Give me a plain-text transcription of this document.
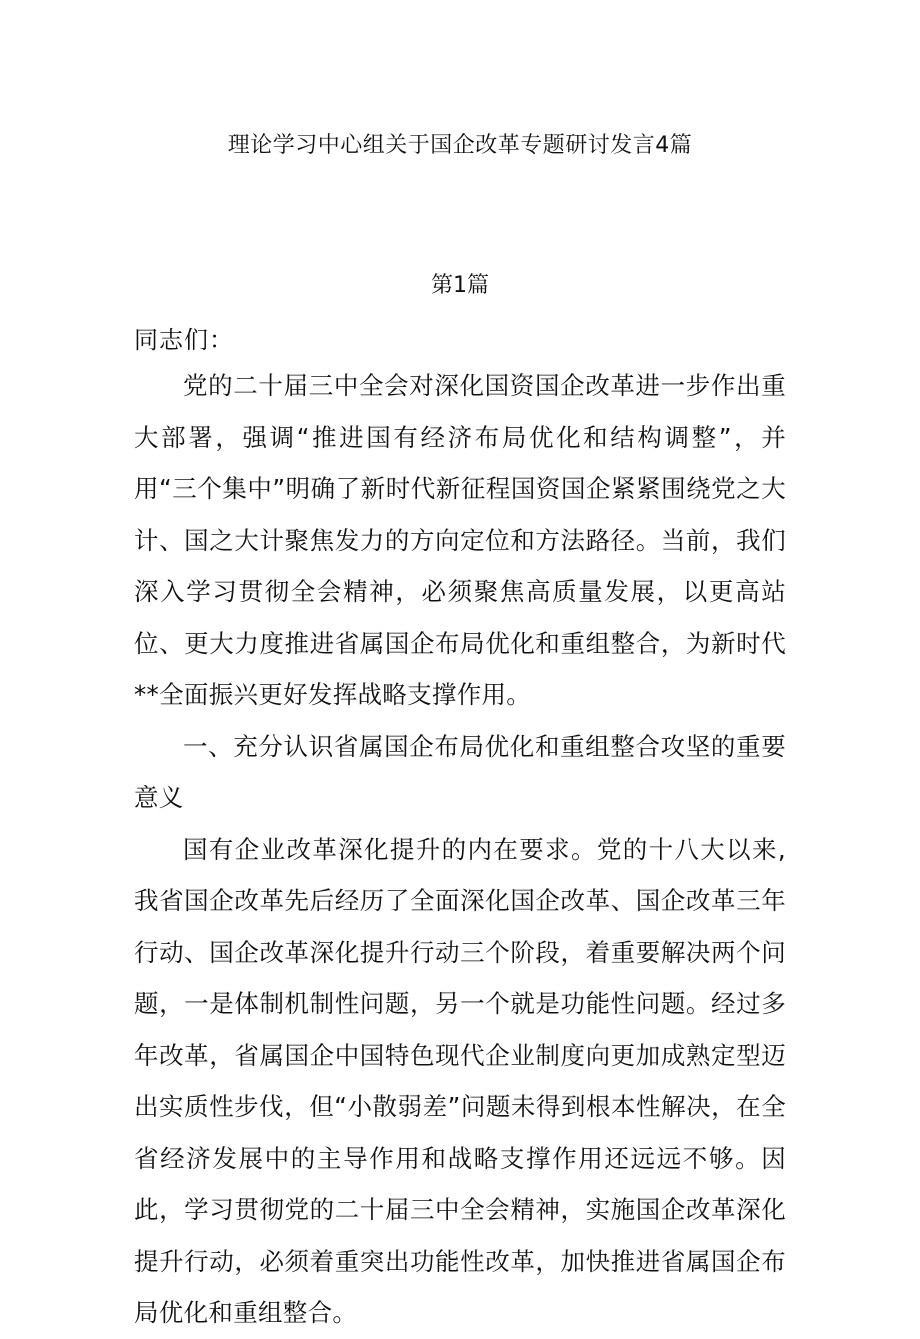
理论学习中心组关于国企改革专题研讨发言4篇
第1篇
同志们：

党的二十届三中全会对深化国资国企改革进一步作出重大部署，强调“推进国有经济布局优化和结构调整”，并用“三个集中”明确了新时代新征程国资国企紧紧围绕党之大计、国之大计聚焦发力的方向定位和方法路径。当前，我们深入学习贯彻全会精神，必须聚焦高质量发展，以更高站位、更大力度推进省属国企布局优化和重组整合，为新时代**全面振兴更好发挥战略支撑作用。

一、充分认识省属国企布局优化和重组整合攻坚的重要意义

国有企业改革深化提升的内在要求。党的十八大以来,我省国企改革先后经历了全面深化国企改革、国企改革三年行动、国企改革深化提升行动三个阶段，着重要解决两个问题，一是体制机制性问题，另一个就是功能性问题。经过多年改革，省属国企中国特色现代企业制度向更加成熟定型迈出实质性步伐，但“小散弱差”问题未得到根本性解决，在全省经济发展中的主导作用和战略支撑作用还远远不够。因此，学习贯彻党的二十届三中全会精神，实施国企改革深化提升行动，必须着重突出功能性改革，加快推进省属国企布局优化和重组整合。
